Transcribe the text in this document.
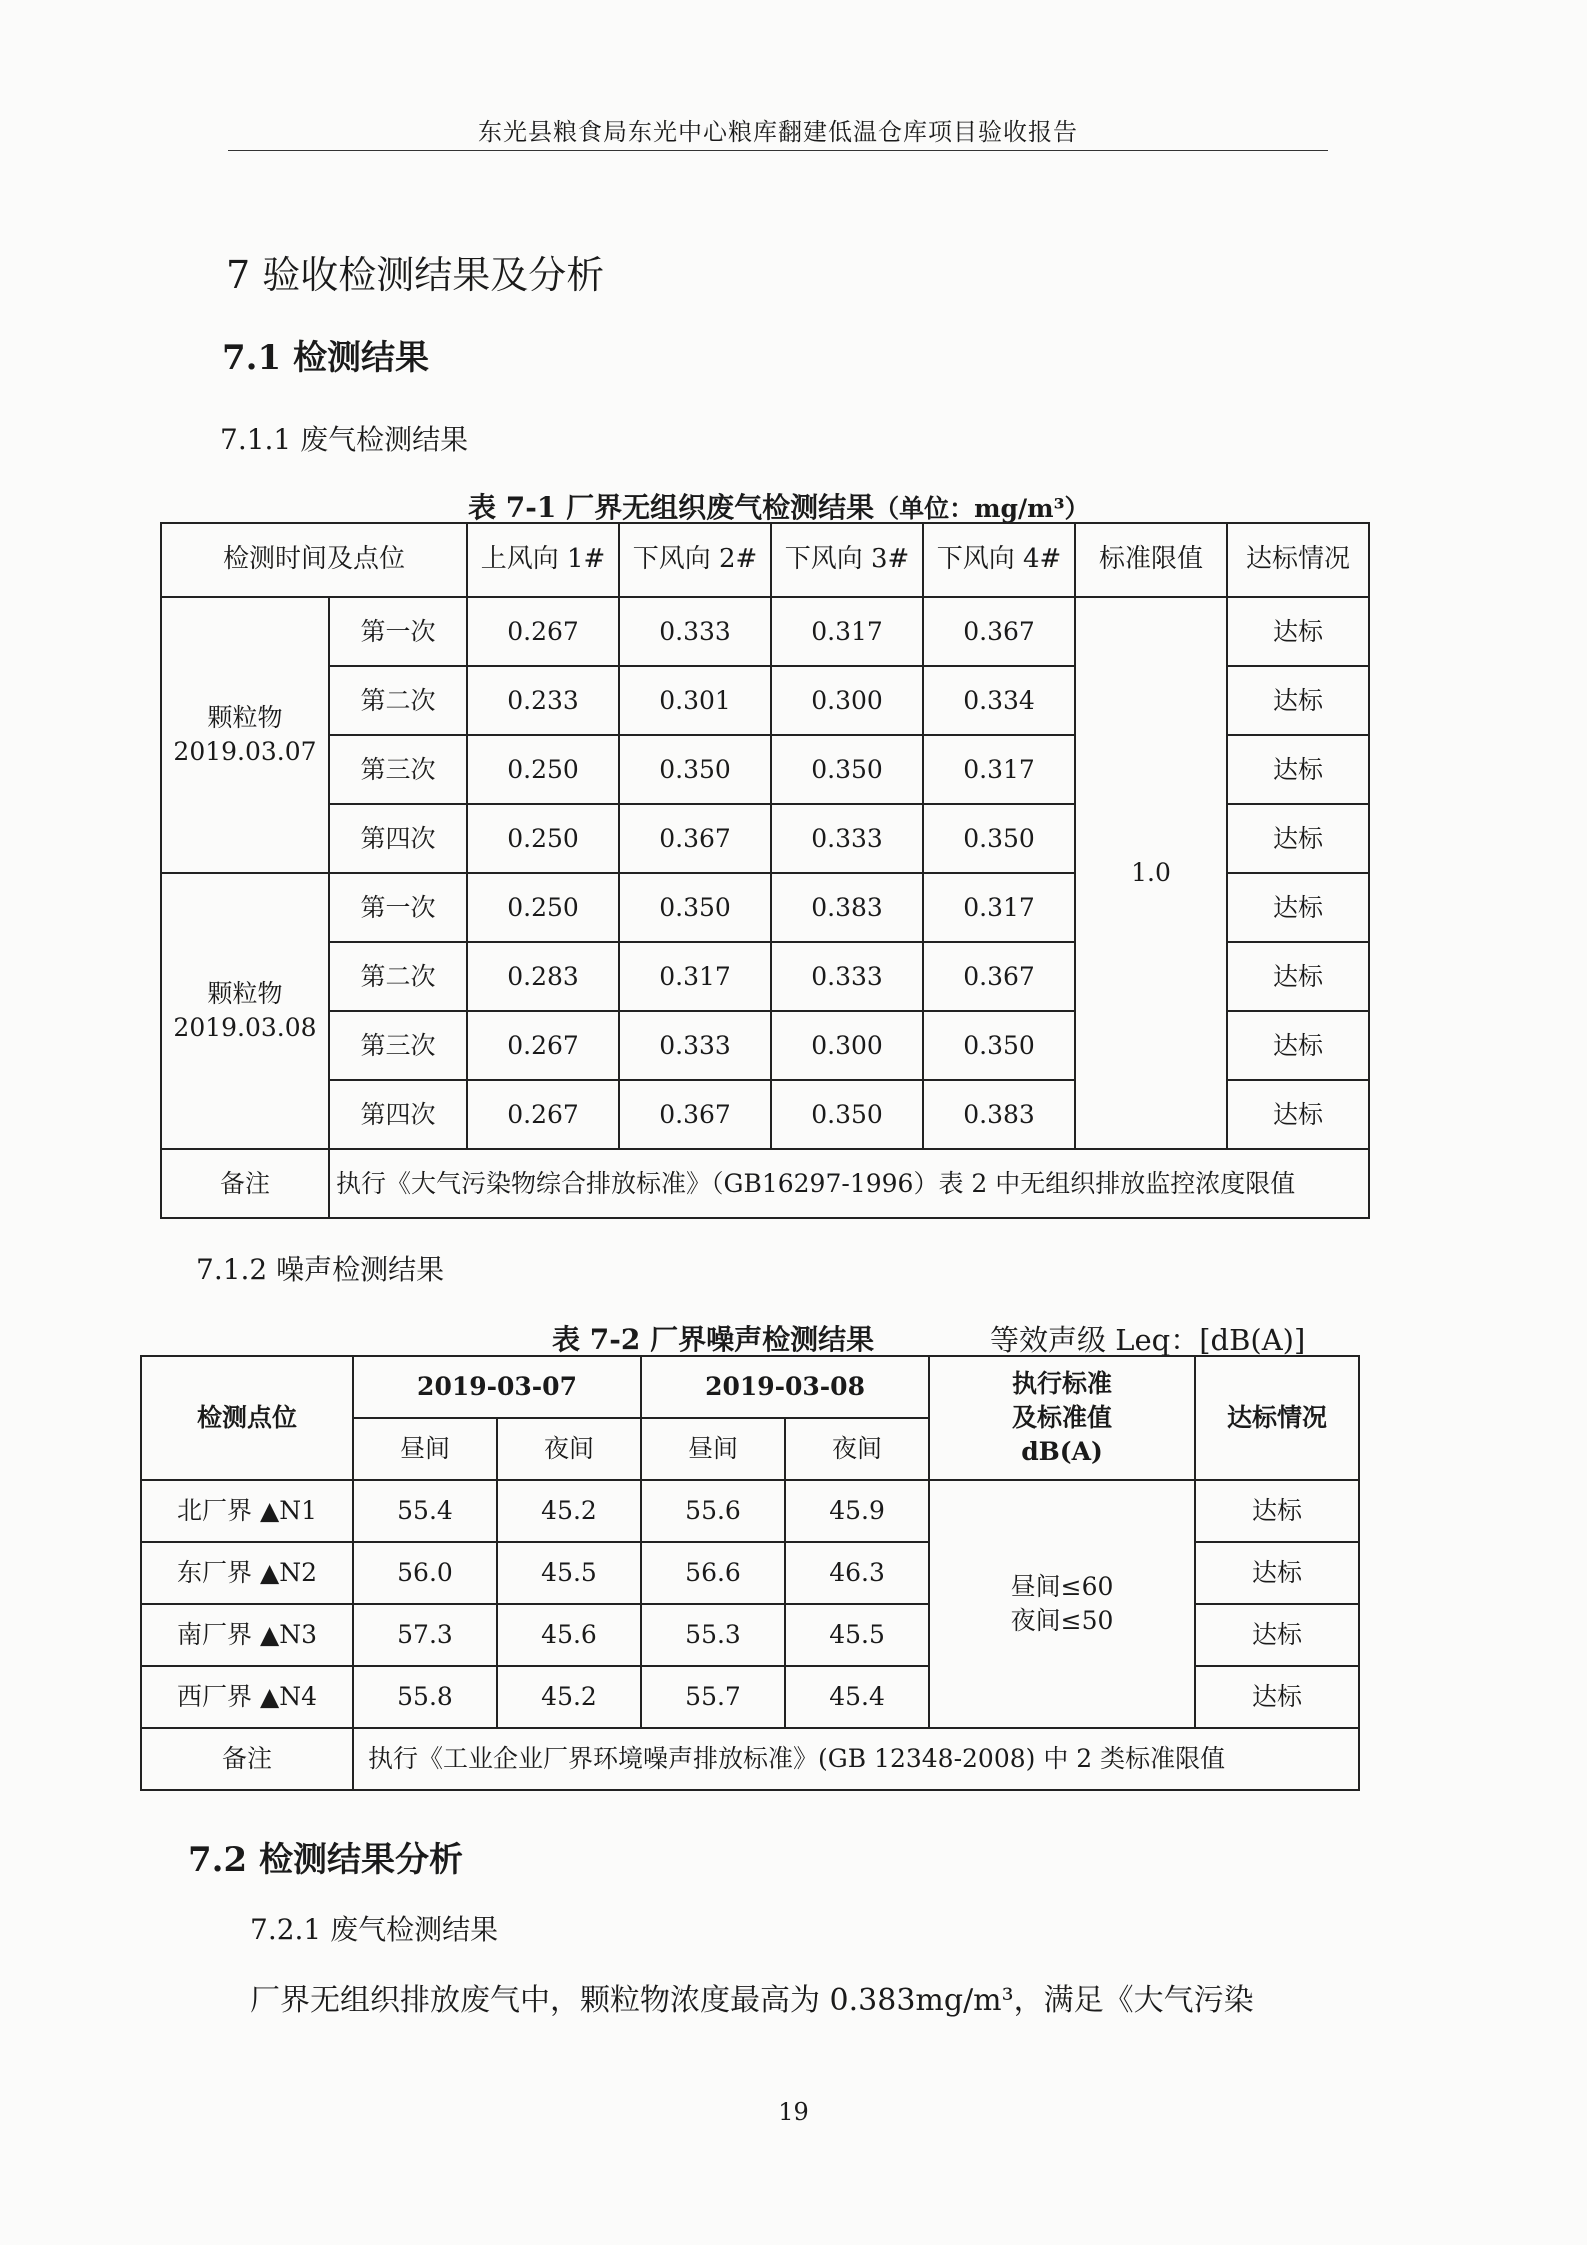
东光县粮食局东光中心粮库翻建低温仓库项目验收报告
7 验收检测结果及分析
7.1 检测结果
7.1.1 废气检测结果
表 7-1 厂界无组织废气检测结果（单位：mg/m³）
检测时间及点位		上风向 1#	下风向 2#	下风向 3#	下风向 4#	标准限值	达标情况
颗粒物
2019.03.07	第一次	0.267	0.333	0.317	0.367	1.0	达标
	第二次	0.233	0.301	0.300	0.334		达标
	第三次	0.250	0.350	0.350	0.317		达标
	第四次	0.250	0.367	0.333	0.350		达标
颗粒物
2019.03.08	第一次	0.250	0.350	0.383	0.317		达标
	第二次	0.283	0.317	0.333	0.367		达标
	第三次	0.267	0.333	0.300	0.350		达标
	第四次	0.267	0.367	0.350	0.383		达标
备注	执行《大气污染物综合排放标准》（GB16297-1996）表 2 中无组织排放监控浓度限值						
7.1.2 噪声检测结果
表 7-2 厂界噪声检测结果	等效声级 Leq：[dB(A)]
检测点位	2019-03-07		2019-03-08		执行标准
及标准值
dB(A)	达标情况
	昼间	夜间	昼间	夜间		
北厂界 ▲N1	55.4	45.2	55.6	45.9	昼间≤60
夜间≤50	达标
东厂界 ▲N2	56.0	45.5	56.6	46.3		达标
南厂界 ▲N3	57.3	45.6	55.3	45.5		达标
西厂界 ▲N4	55.8	45.2	55.7	45.4		达标
备注	执行《工业企业厂界环境噪声排放标准》(GB 12348-2008) 中 2 类标准限值					
7.2 检测结果分析
7.2.1 废气检测结果
厂界无组织排放废气中，颗粒物浓度最高为 0.383mg/m³，满足《大气污染
19
